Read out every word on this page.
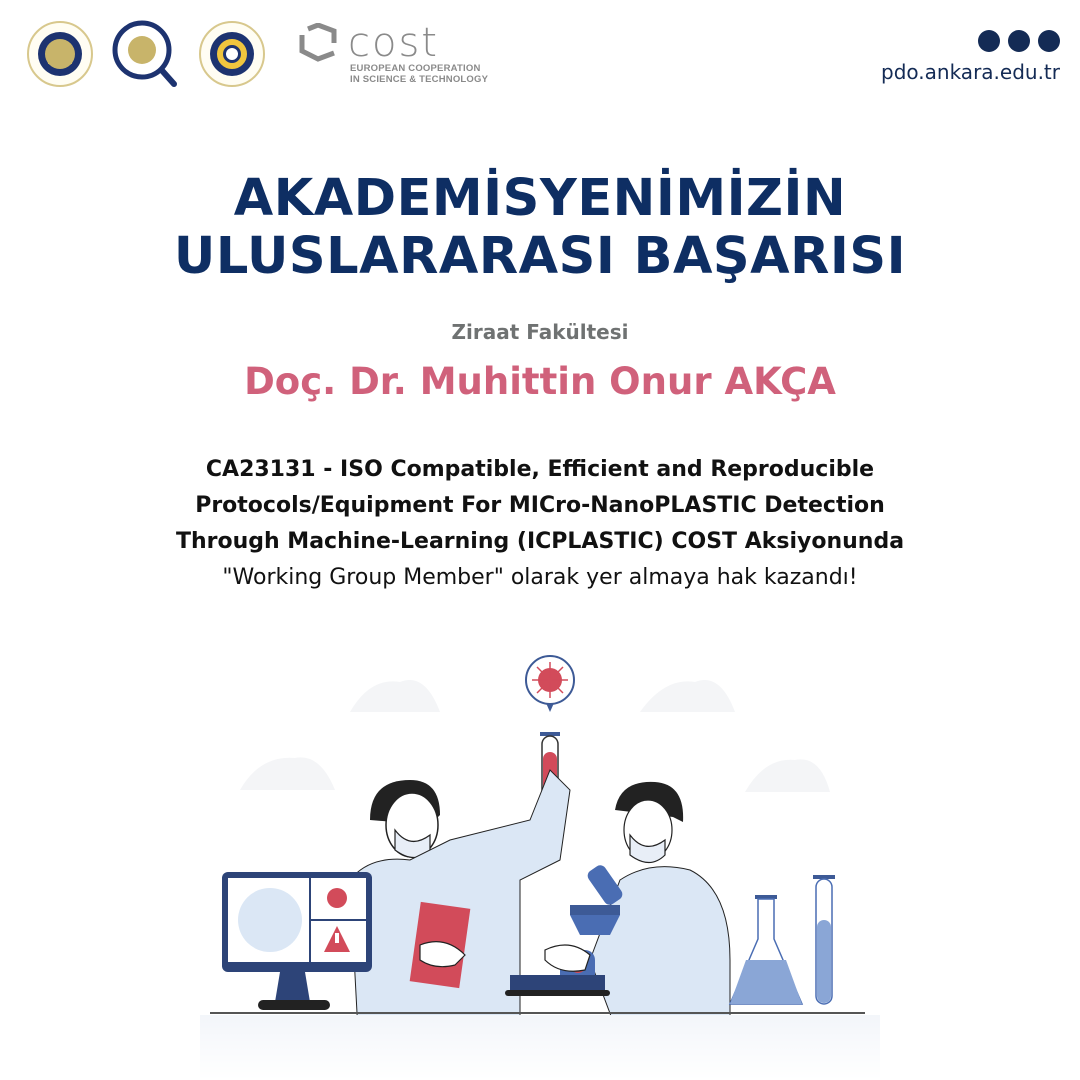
cost
EUROPEAN COOPERATION
IN SCIENCE & TECHNOLOGY	pdo.ankara.edu.tr
AKADEMİSYENİMİZİN
ULUSLARARASI BAŞARISI
Ziraat Fakültesi
Doç. Dr. Muhittin Onur AKÇA
CA23131 - ISO Compatible, Efficient and Reproducible
Protocols/Equipment For MICro-NanoPLASTIC Detection
Through Machine-Learning (ICPLASTIC) COST Aksiyonunda
"Working Group Member" olarak yer almaya hak kazandı!
